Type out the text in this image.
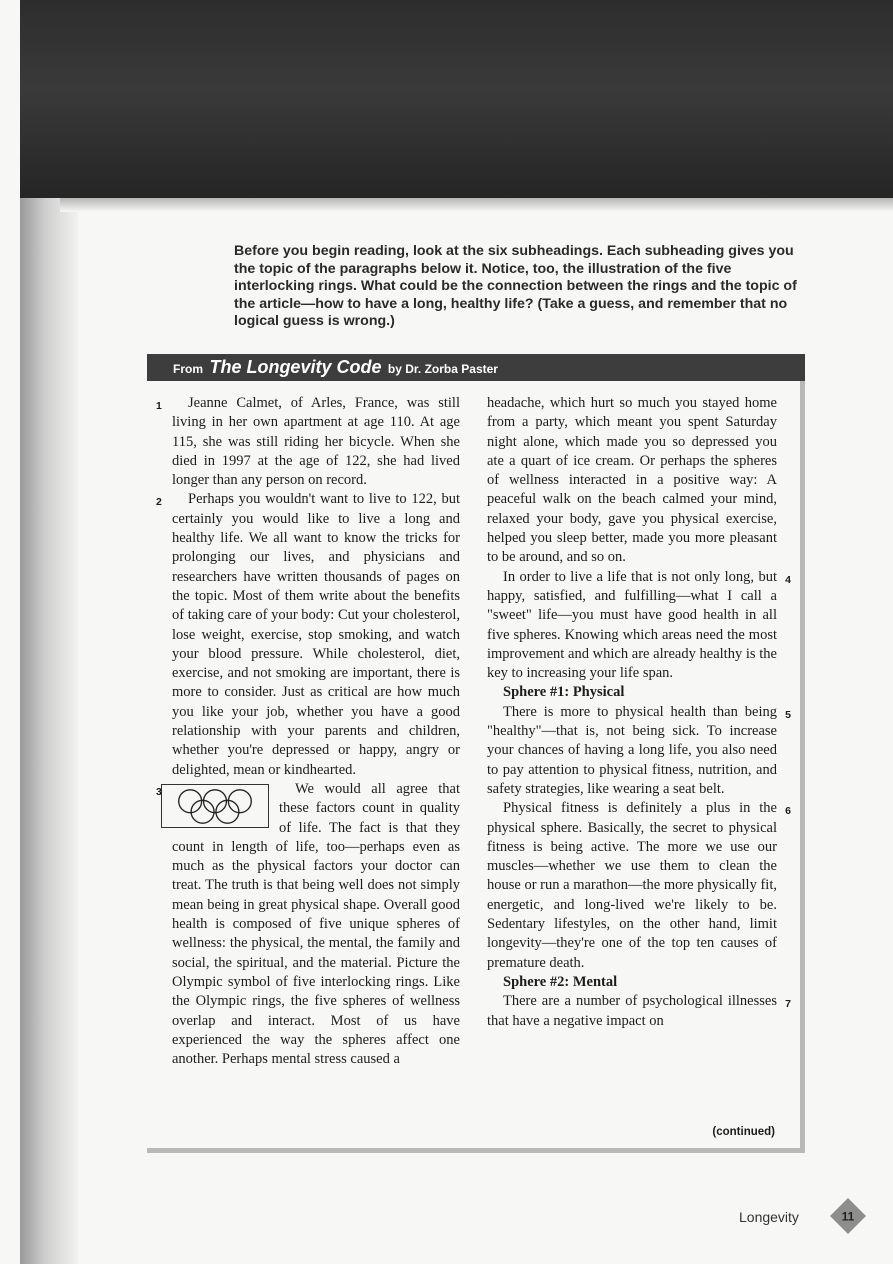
Before you begin reading, look at the six subheadings. Each subheading gives you the topic of the paragraphs below it. Notice, too, the illustration of the five interlocking rings. What could be the connection between the rings and the topic of the article—how to have a long, healthy life? (Take a guess, and remember that no logical guess is wrong.)

From The Longevity Code by Dr. Zorba Paster

1 Jeanne Calmet, of Arles, France, was still living in her own apartment at age 110. At age 115, she was still riding her bicycle. When she died in 1997 at the age of 122, she had lived longer than any person on record.

2 Perhaps you wouldn't want to live to 122, but certainly you would like to live a long and healthy life. We all want to know the tricks for prolonging our lives, and physicians and researchers have written thousands of pages on the topic. Most of them write about the benefits of taking care of your body: Cut your cholesterol, lose weight, exercise, stop smoking, and watch your blood pressure. While cholesterol, diet, exercise, and not smoking are important, there is more to consider. Just as critical are how much you like your job, whether you have a good relationship with your parents and children, whether you're depressed or happy, angry or delighted, mean or kindhearted.

3	We would all agree that these factors count in quality of life. The fact is that they count in length of life, too—perhaps even as much as the physical factors your doctor can treat. The truth is that being well does not simply mean being in great physical shape. Overall good health is composed of five unique spheres of wellness: the physical, the mental, the family and social, the spiritual, and the material. Picture the Olympic symbol of five interlocking rings. Like the Olympic rings, the five spheres of wellness overlap and interact. Most of us have experienced the way the spheres affect one another. Perhaps mental stress caused a

headache, which hurt so much you stayed home from a party, which meant you spent Saturday night alone, which made you so depressed you ate a quart of ice cream. Or perhaps the spheres of wellness interacted in a positive way: A peaceful walk on the beach calmed your mind, relaxed your body, gave you physical exercise, helped you sleep better, made you more pleasant to be around, and so on.

4
In order to live a life that is not only long, but happy, satisfied, and fulfilling—what I call a "sweet" life—you must have good health in all five spheres. Knowing which areas need the most improvement and which are already healthy is the key to increasing your life span.

Sphere #1: Physical

5
There is more to physical health than being "healthy"—that is, not being sick. To increase your chances of having a long life, you also need to pay attention to physical fitness, nutrition, and safety strategies, like wearing a seat belt.

6
Physical fitness is definitely a plus in the physical sphere. Basically, the secret to physical fitness is being active. The more we use our muscles—whether we use them to clean the house or run a marathon—the more physically fit, energetic, and long-lived we're likely to be. Sedentary lifestyles, on the other hand, limit longevity—they're one of the top ten causes of premature death.

Sphere #2: Mental

7
There are a number of psychological illnesses that have a negative impact on

(continued)
Longevity	11
